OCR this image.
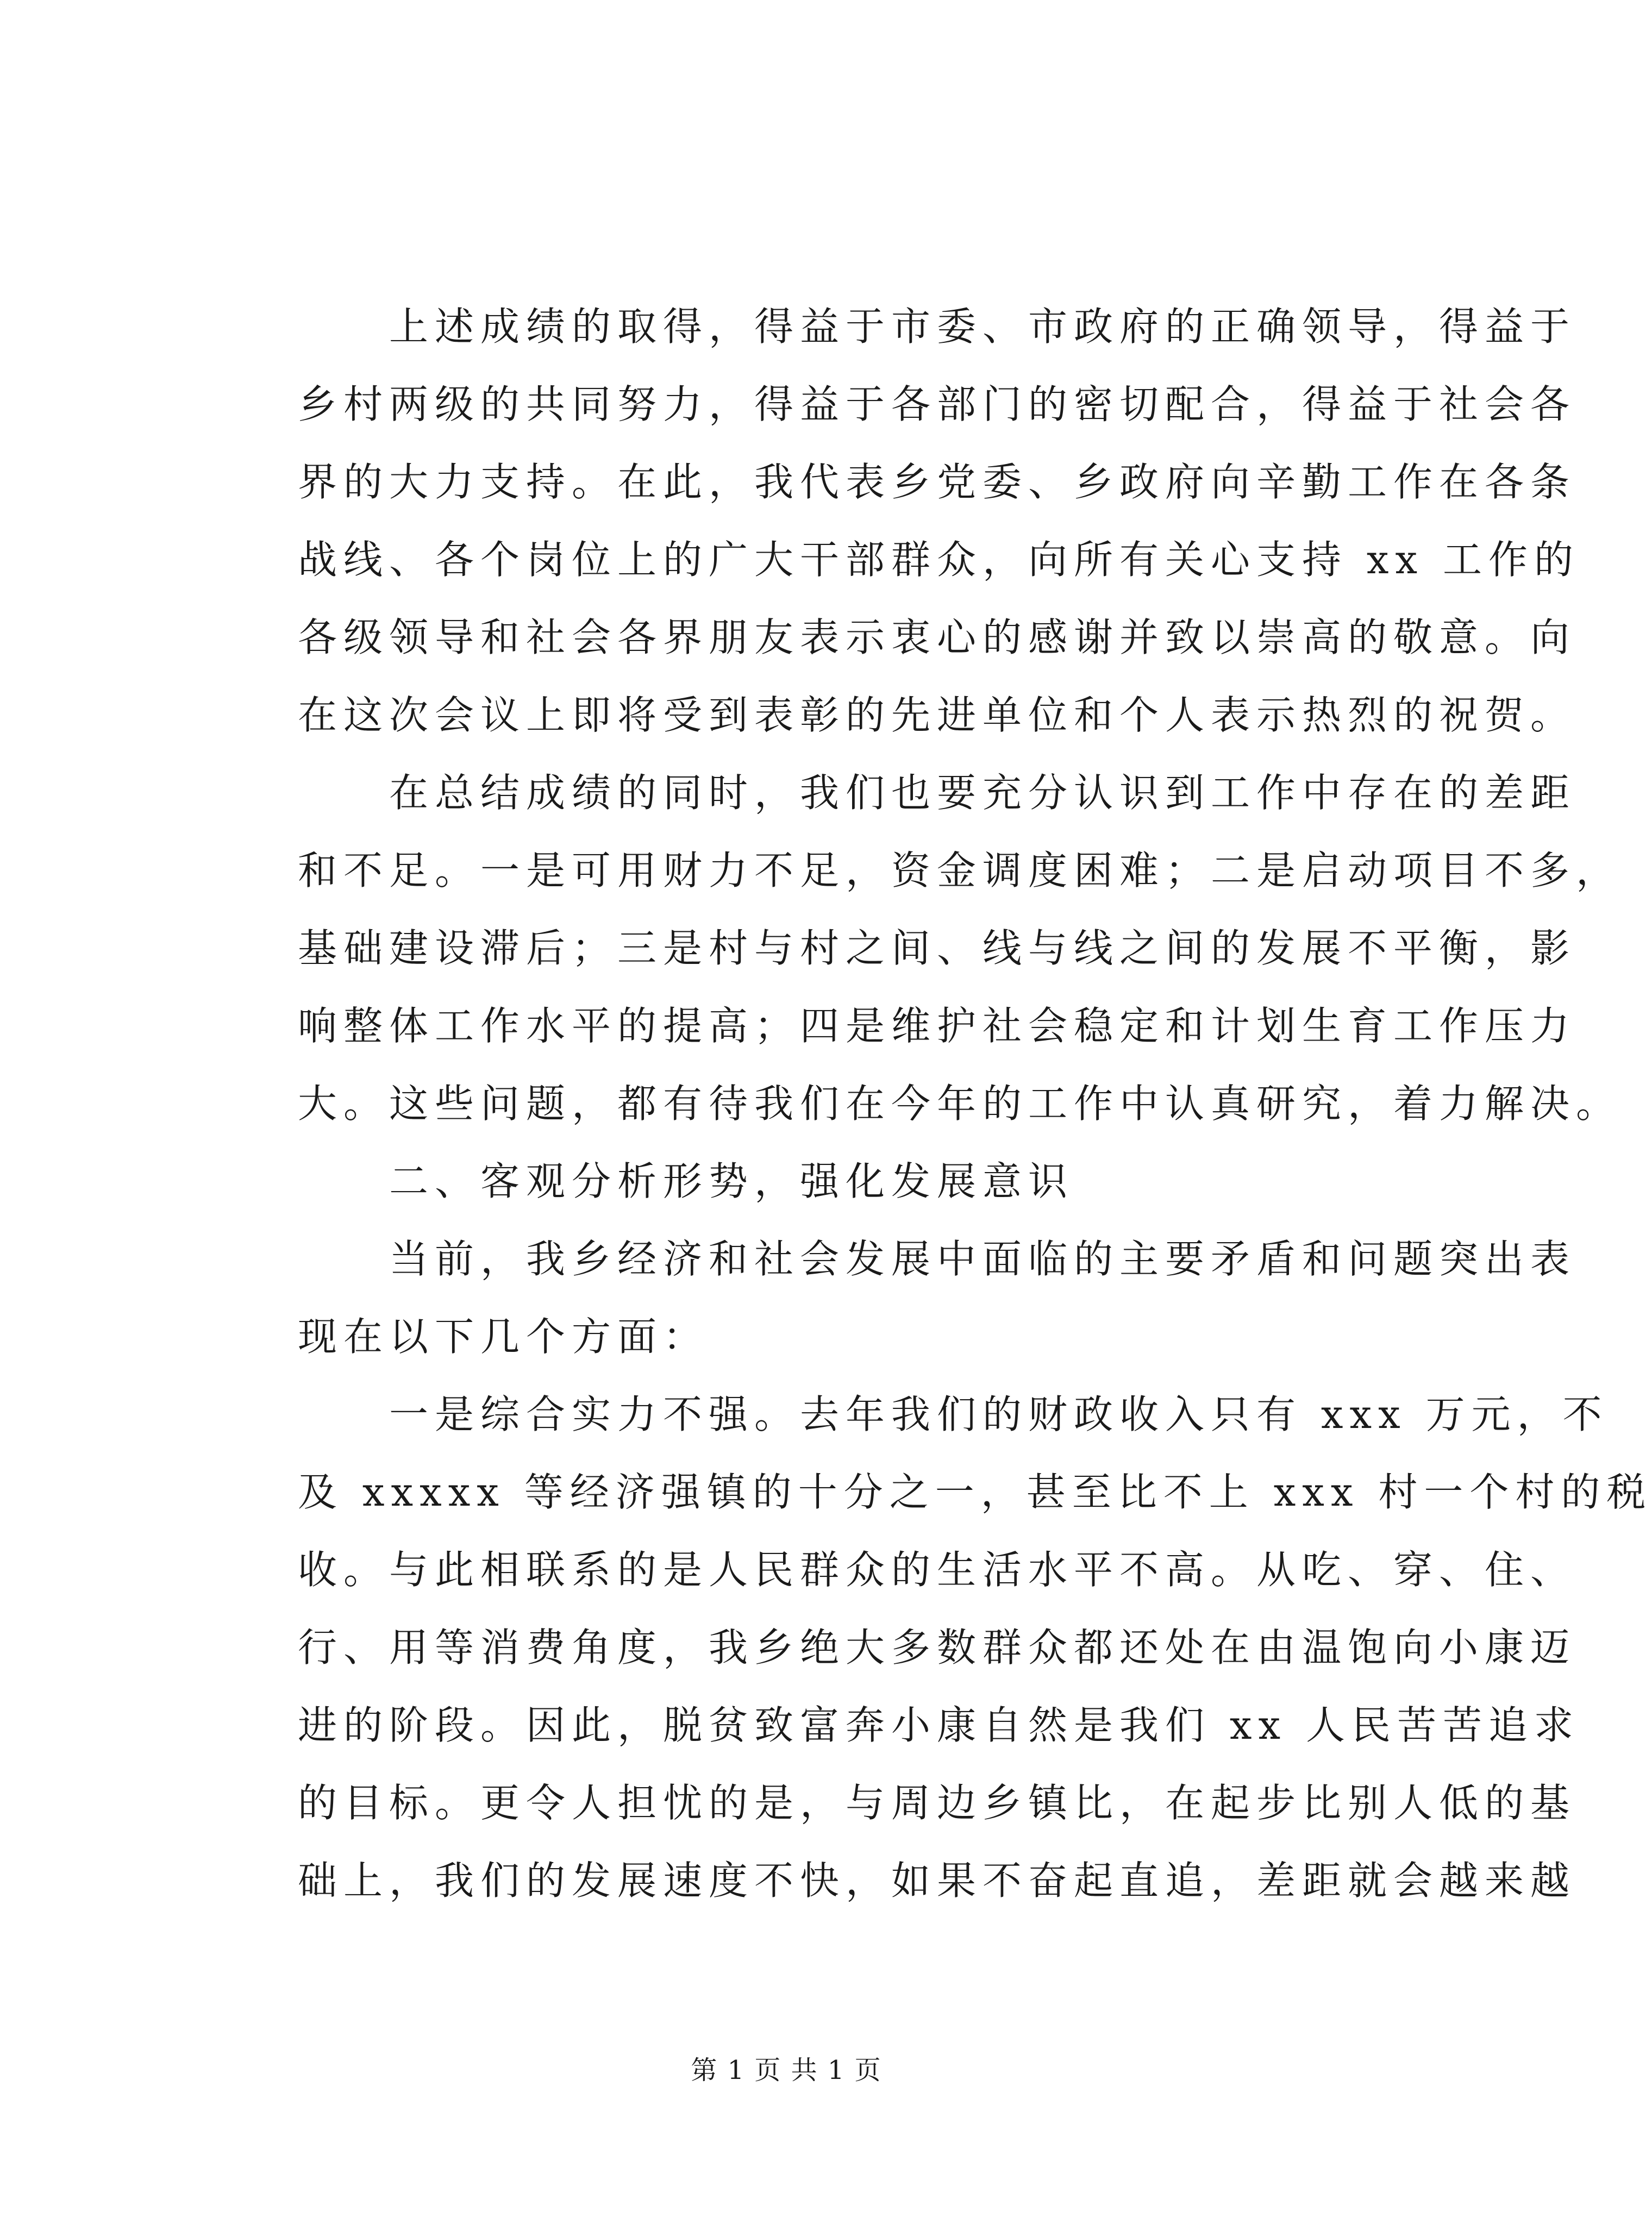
　　上述成绩的取得，得益于市委、市政府的正确领导，得益于
乡村两级的共同努力，得益于各部门的密切配合，得益于社会各
界的大力支持。在此，我代表乡党委、乡政府向辛勤工作在各条
战线、各个岗位上的广大干部群众，向所有关心支持 xx 工作的
各级领导和社会各界朋友表示衷心的感谢并致以崇高的敬意。向
在这次会议上即将受到表彰的先进单位和个人表示热烈的祝贺。
　　在总结成绩的同时，我们也要充分认识到工作中存在的差距
和不足。一是可用财力不足，资金调度困难；二是启动项目不多，
基础建设滞后；三是村与村之间、线与线之间的发展不平衡，影
响整体工作水平的提高；四是维护社会稳定和计划生育工作压力
大。这些问题，都有待我们在今年的工作中认真研究，着力解决。
　　二、客观分析形势，强化发展意识
　　当前，我乡经济和社会发展中面临的主要矛盾和问题突出表
现在以下几个方面：
　　一是综合实力不强。去年我们的财政收入只有 xxx 万元，不
及 xxxxx 等经济强镇的十分之一，甚至比不上 xxx 村一个村的税
收。与此相联系的是人民群众的生活水平不高。从吃、穿、住、
行、用等消费角度，我乡绝大多数群众都还处在由温饱向小康迈
进的阶段。因此，脱贫致富奔小康自然是我们 xx 人民苦苦追求
的目标。更令人担忧的是，与周边乡镇比，在起步比别人低的基
础上，我们的发展速度不快，如果不奋起直追，差距就会越来越
第 1 页 共 1 页
